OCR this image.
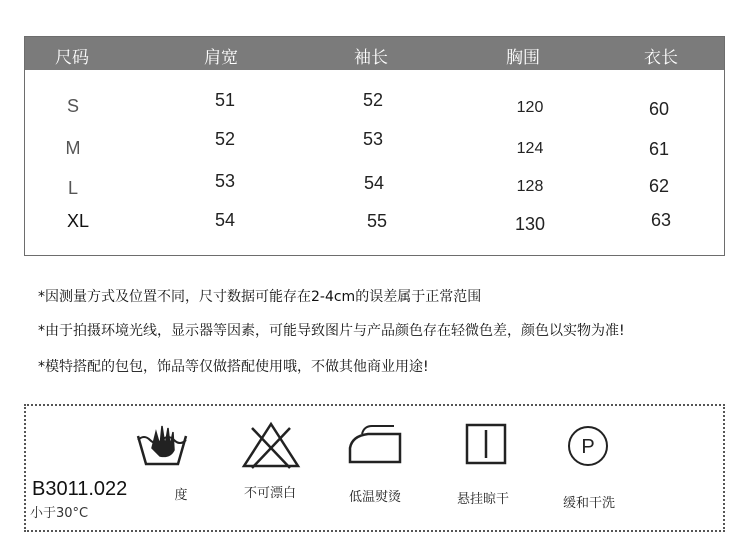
尺码	肩宽	袖长	胸围	衣长
S	51	52	120	60
M	52	53	124	61
L	53	54	128	62
XL	54	55	130	63
*因测量方式及位置不同，尺寸数据可能存在2-4cm的误差属于正常范围
*由于拍摄环境光线，显示器等因素，可能导致图片与产品颜色存在轻微色差，颜色以实物为准!
*模特搭配的包包，饰品等仅做搭配使用哦，不做其他商业用途!
度	不可漂白	低温熨烫	悬挂晾干
P
缓和干洗
小于30°C
B3011.022
